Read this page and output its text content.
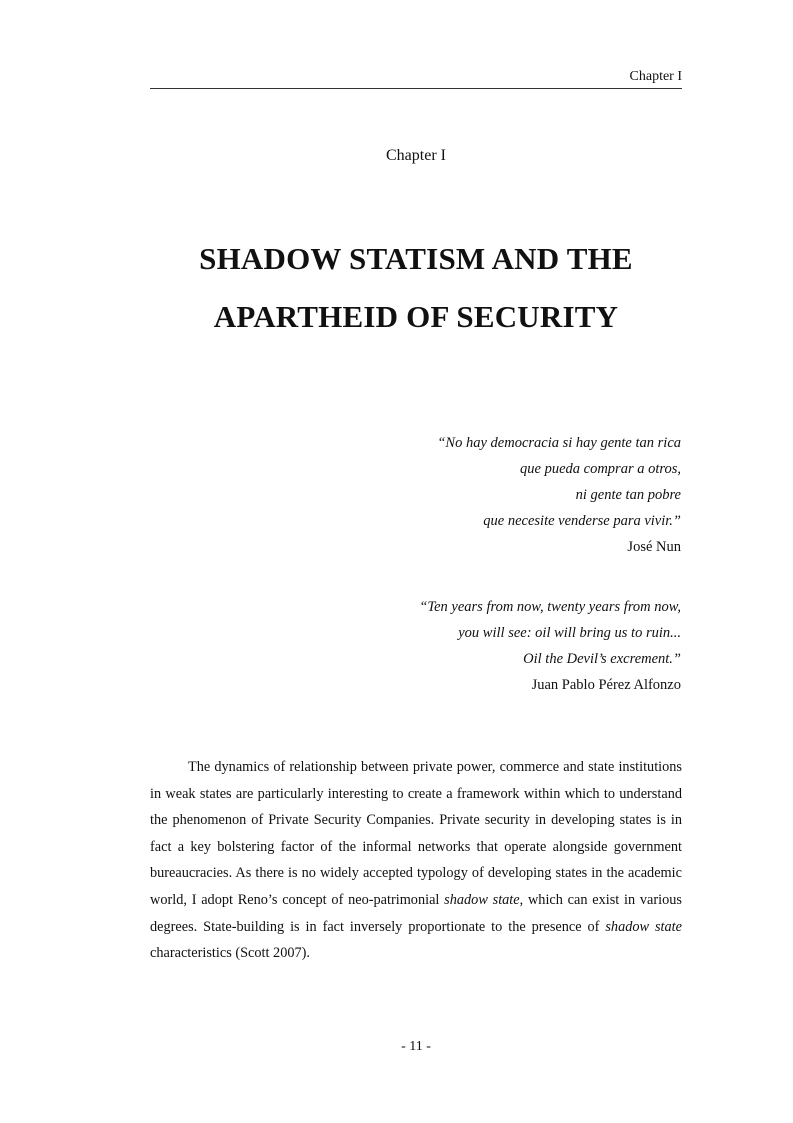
Chapter I
Chapter I
SHADOW STATISM AND THE
APARTHEID OF SECURITY
“No hay democracia si hay gente tan rica
que pueda comprar a otros,
ni gente tan pobre
que necesite venderse para vivir.”
José Nun
“Ten years from now, twenty years from now,
you will see: oil will bring us to ruin...
Oil the Devil’s excrement.”
Juan Pablo Pérez Alfonzo

The dynamics of relationship between private power, commerce and state institutions in weak states are particularly interesting to create a framework within which to understand the phenomenon of Private Security Companies. Private security in developing states is in fact a key bolstering factor of the informal networks that operate alongside government bureaucracies. As there is no widely accepted typology of developing states in the academic world, I adopt Reno’s concept of neo-patrimonial shadow state, which can exist in various degrees. State-building is in fact inversely proportionate to the presence of shadow state characteristics (Scott 2007).

- 11 -
